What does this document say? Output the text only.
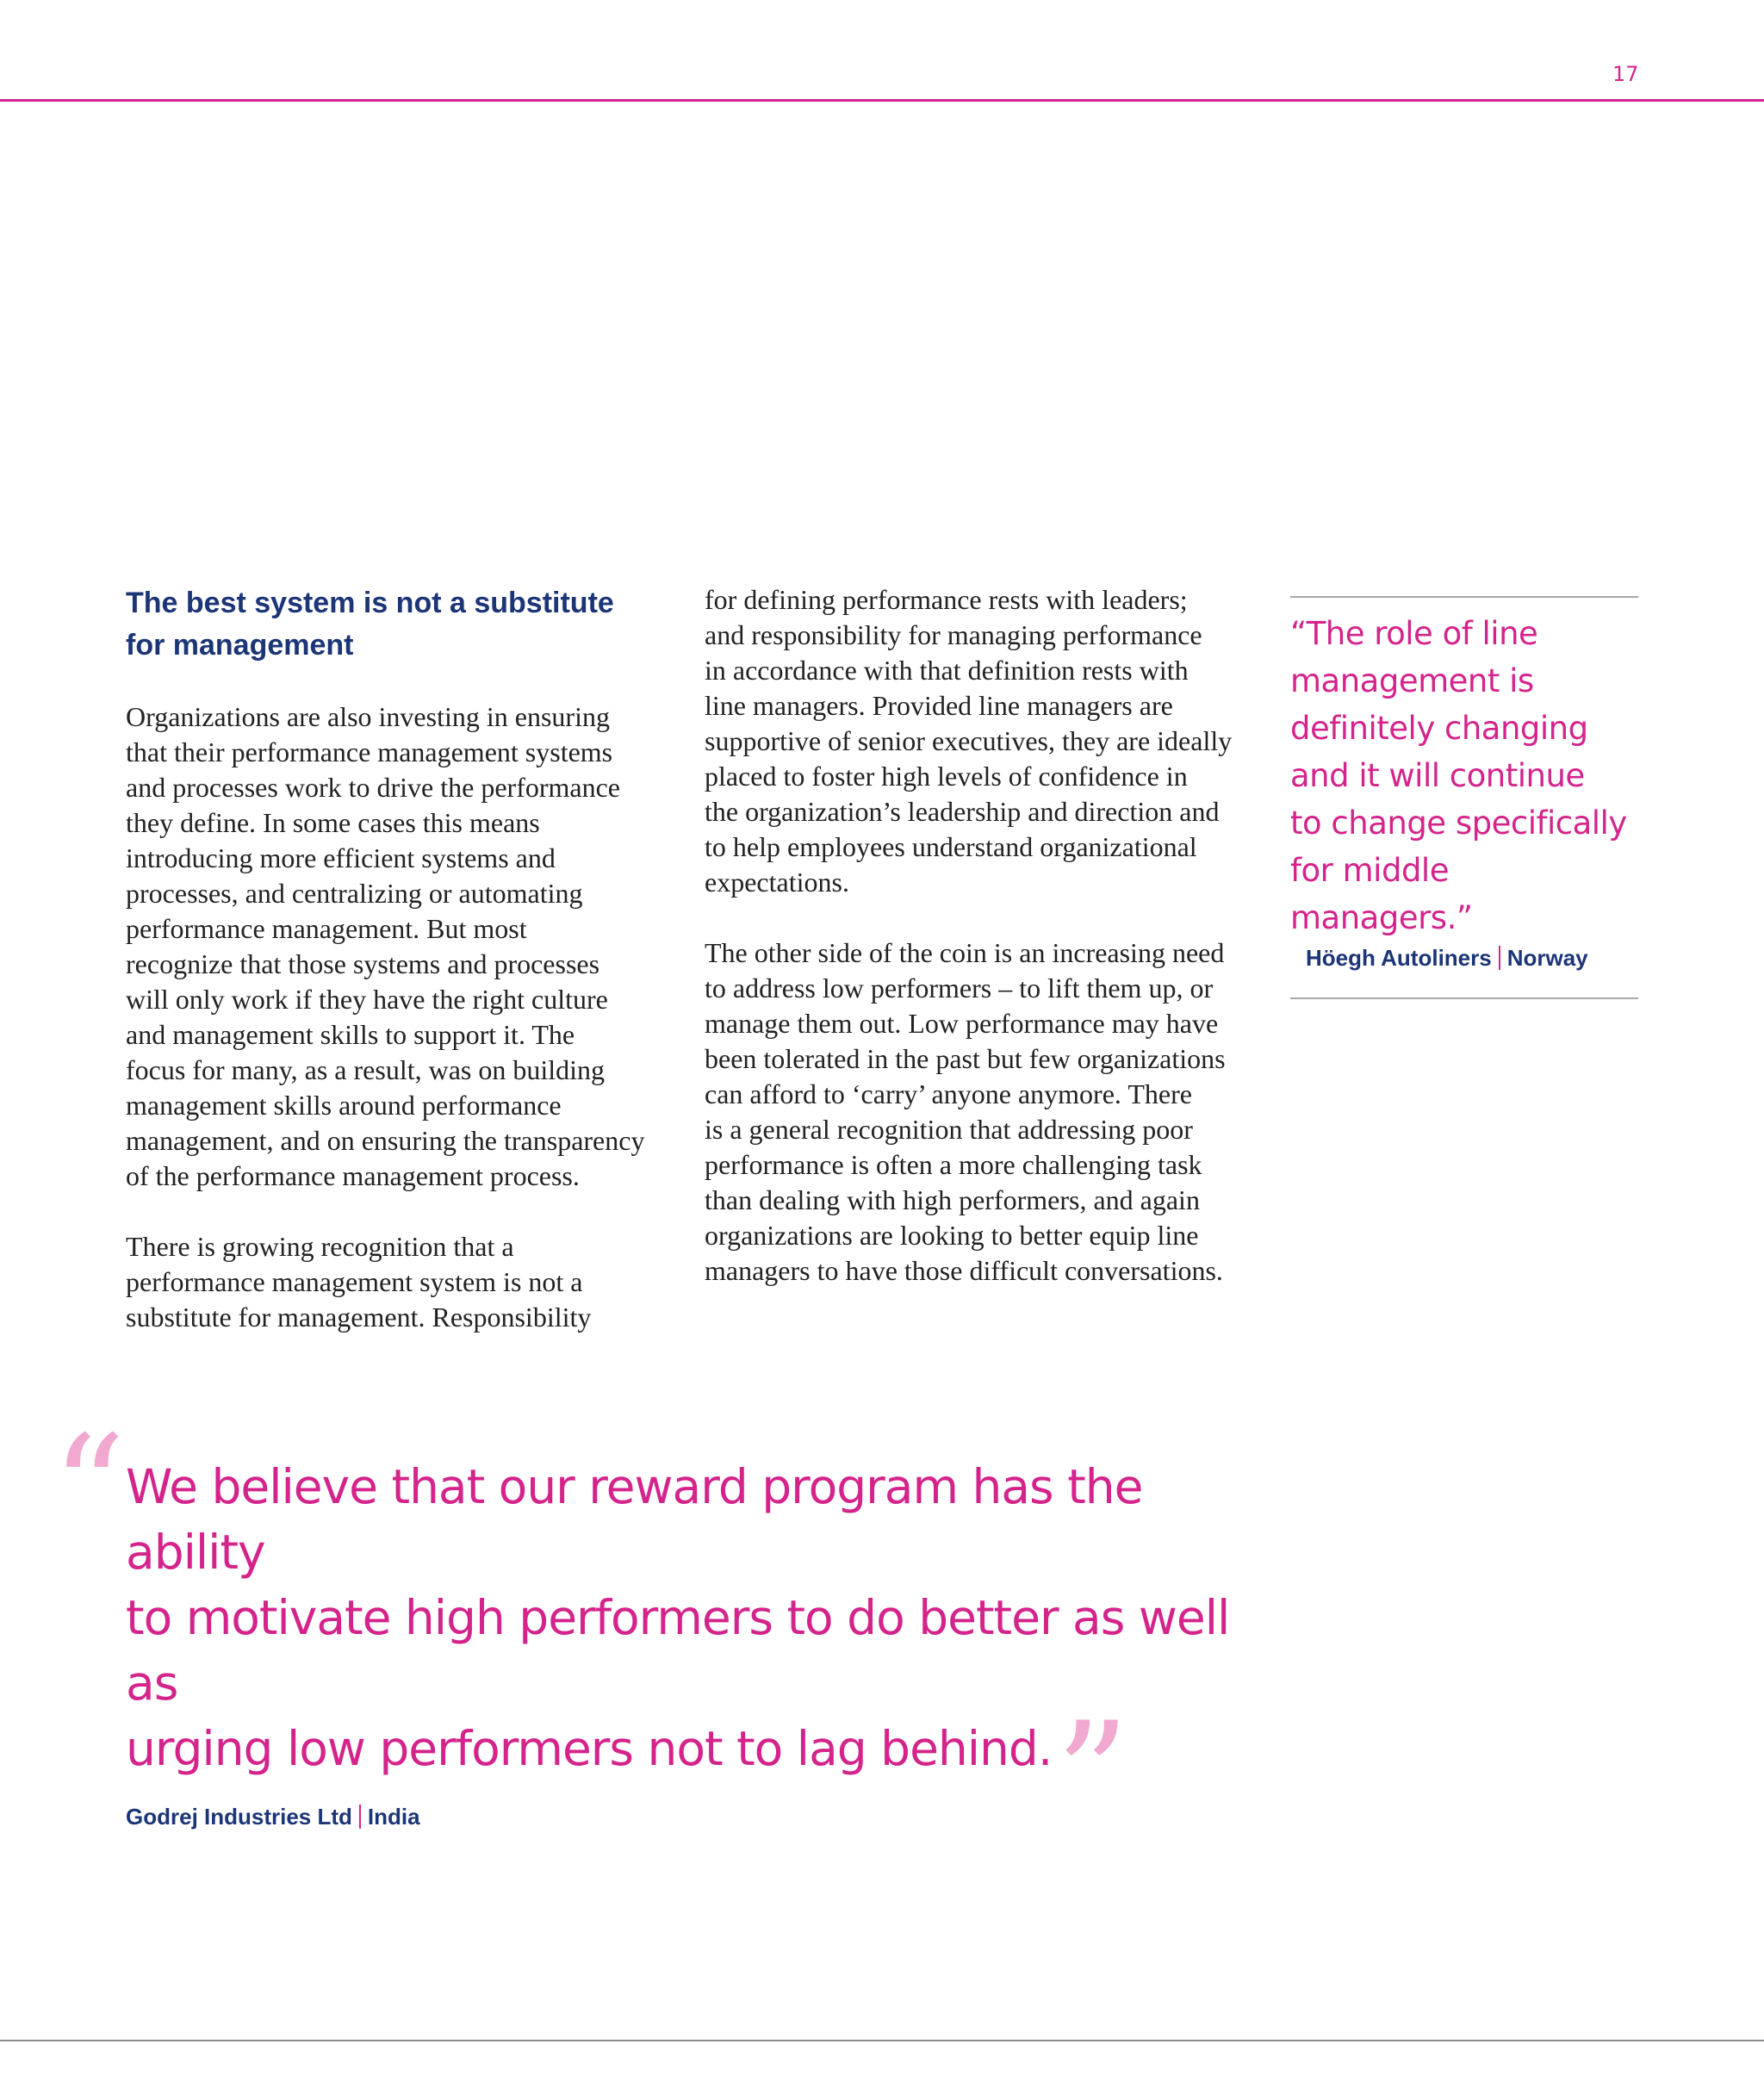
17
The best system is not a substitute
for management

Organizations are also investing in ensuring
that their performance management systems
and processes work to drive the performance
they define. In some cases this means
introducing more efficient systems and
processes, and centralizing or automating
performance management. But most
recognize that those systems and processes
will only work if they have the right culture
and management skills to support it. The
focus for many, as a result, was on building
management skills around performance
management, and on ensuring the transparency
of the performance management process.

There is growing recognition that a
performance management system is not a
substitute for management. Responsibility

for defining performance rests with leaders;
and responsibility for managing performance
in accordance with that definition rests with
line managers. Provided line managers are
supportive of senior executives, they are ideally
placed to foster high levels of confidence in
the organization’s leadership and direction and
to help employees understand organizational
expectations.

The other side of the coin is an increasing need
to address low performers – to lift them up, or
manage them out. Low performance may have
been tolerated in the past but few organizations
can afford to ‘carry’ anyone anymore. There
is a general recognition that addressing poor
performance is often a more challenging task
than dealing with high performers, and again
organizations are looking to better equip line
managers to have those difficult conversations.

“The role of line
management is
definitely changing
and it will continue
to change specifically
for middle managers.”

Höegh Autoliners Norway
“ We believe that our reward program has the ability
to motivate high performers to do better as well as
urging low performers not to lag behind.”

Godrej Industries Ltd India
